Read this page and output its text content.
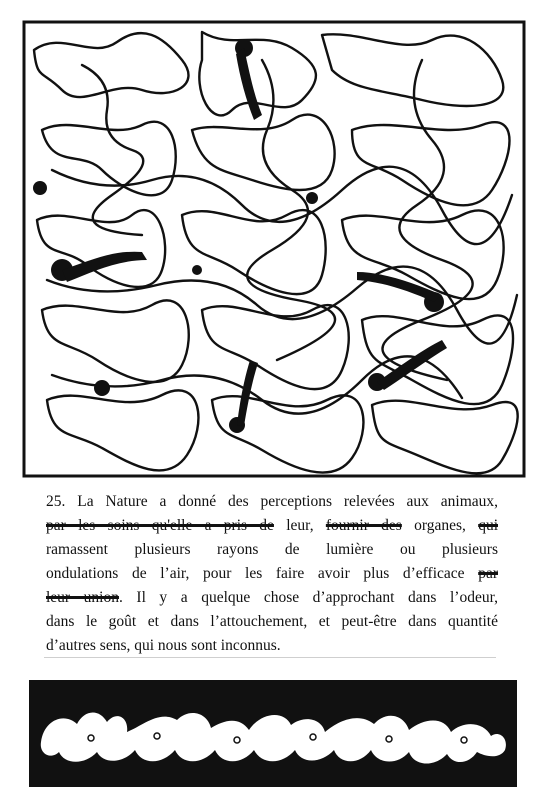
25. La Nature a donné des perceptions relevées aux animaux,
par les soins qu'elle a pris de leur, fournir des organes, qui
ramassent plusieurs rayons de lumière ou plusieurs
ondulations de l’air, pour les faire avoir plus d’efficace par
leur union. Il y a quelque chose d’approchant dans l’odeur,
dans le goût et dans l’attouchement, et peut-être dans quantité
d’autres sens, qui nous sont inconnus.
